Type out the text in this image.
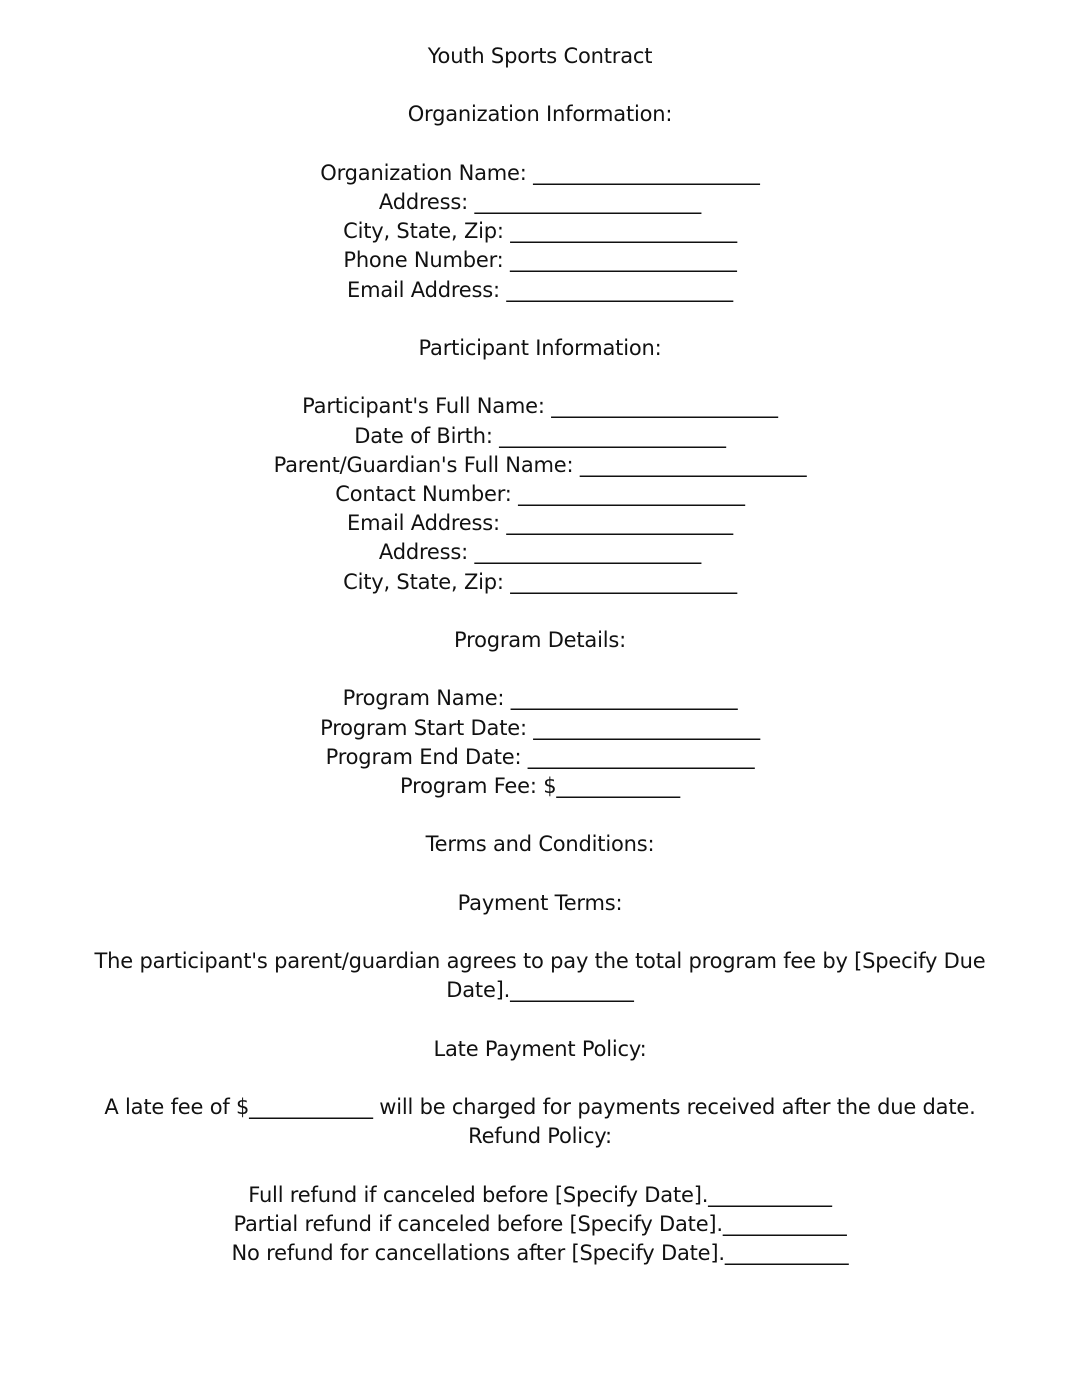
Youth Sports Contract
Organization Information:

Organization Name: ______________________

Address: ______________________

City, State, Zip: ______________________

Phone Number: ______________________

Email Address: ______________________

Participant Information:

Participant's Full Name: ______________________

Date of Birth: ______________________

Parent/Guardian's Full Name: ______________________

Contact Number: ______________________

Email Address: ______________________

Address: ______________________

City, State, Zip: ______________________

Program Details:

Program Name: ______________________

Program Start Date: ______________________

Program End Date: ______________________

Program Fee: $____________

Terms and Conditions:
Payment Terms:

The participant's parent/guardian agrees to pay the total program fee by [Specify Due Date].____________

Late Payment Policy:

A late fee of $____________ will be charged for payments received after the due date.

Refund Policy:

Full refund if canceled before [Specify Date].____________

Partial refund if canceled before [Specify Date].____________

No refund for cancellations after [Specify Date].____________
